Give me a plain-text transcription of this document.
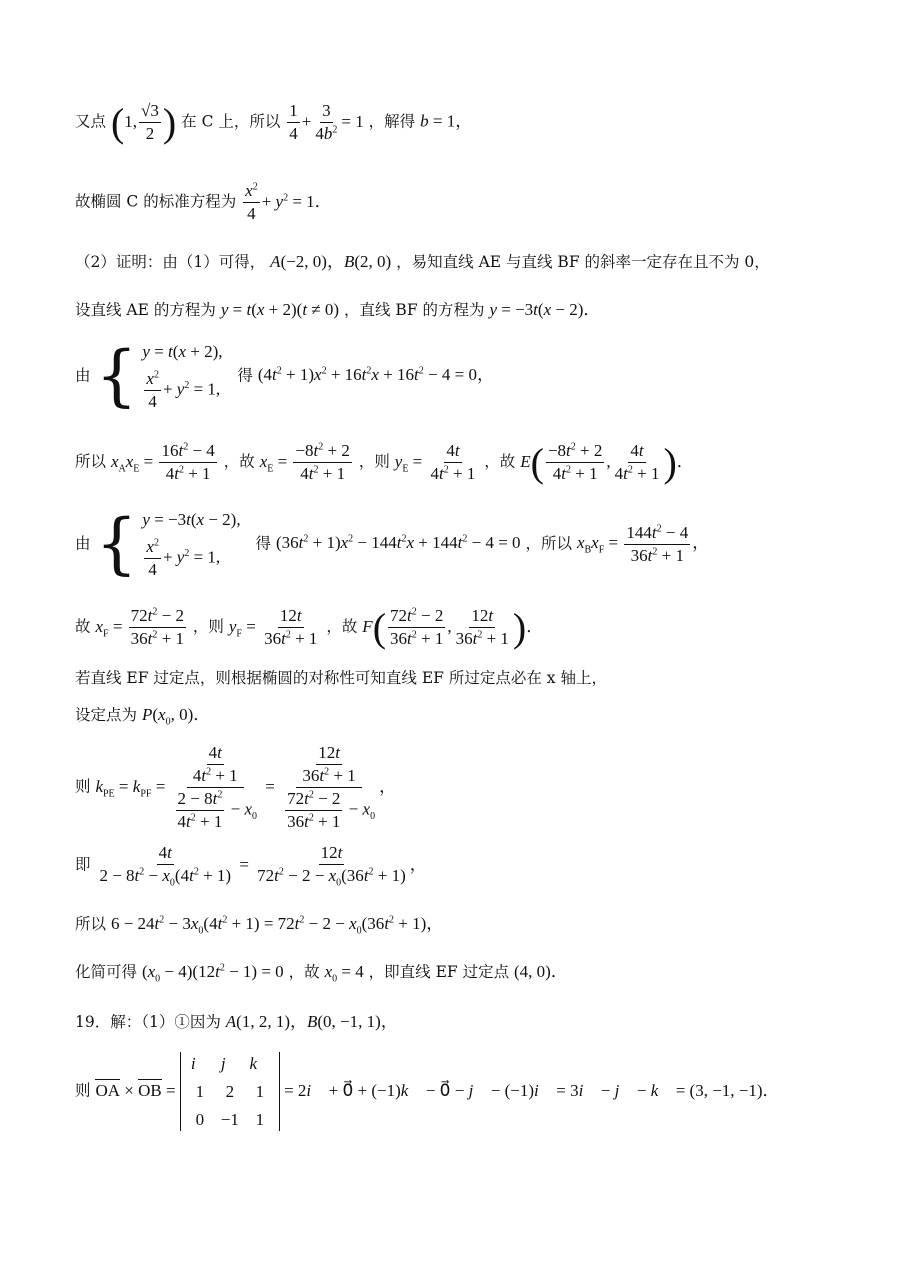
又点 (1, $\frac{√3}{2}$ ) 在 C 上，所以 $\frac{1}{4} + \frac{3}{4b^2} = 1$ ，解得 b = 1，
故椭圆 C 的标准方程为 $\frac{x^2}{4} + y^2 = 1$．
（2）证明：由（1）可得， A(−2, 0)，B(2, 0) ，易知直线 AE 与直线 BF 的斜率一定存在且不为 0，
设直线 AE 的方程为 y = t(x + 2)(t ≠ 0) ，直线 BF 的方程为 y = −3t(x − 2)．
由 { y = t(x + 2),
$\frac{x^2}{4} + y^2 = 1$,
得 $(4t^2 + 1)x^2 + 16t^2x + 16t^2 - 4 = 0$，
所以 $x_Ax_E = \frac{16t^2 - 4}{4t^2 + 1}$ ，故 $x_E = \frac{-8t^2 + 2}{4t^2 + 1}$ ，则 $y_E = \frac{4t}{4t^2 + 1}$ ，故 $E( \frac{-8t^2 + 2}{4t^2 + 1}$ , $\frac{4t}{4t^2 + 1}$ )．
由 { y = −3t(x − 2),
$\frac{x^2}{4} + y^2 = 1$,
得 $(36t^2 + 1)x^2 - 144t^2x + 144t^2 - 4 = 0$ ，所以 $x_Bx_F = \frac{144t^2 - 4}{36t^2 + 1}$ ，
故 $x_F = \frac{72t^2 - 2}{36t^2 + 1}$ ，则 $y_F = \frac{12t}{36t^2 + 1}$ ，故 $F( \frac{72t^2 - 2}{36t^2 + 1}$ , $\frac{12t}{36t^2 + 1}$ )．
若直线 EF 过定点，则根据椭圆的对称性可知直线 EF 所过定点必在 x 轴上，
设定点为 $P(x_0$, 0)．
则 $k_{PE} = k_{PF} = \frac{\frac{4t}{4t^2 + 1}}{\frac{2 - 8t^2}{4t^2 + 1} - x_0} = \frac{\frac{12t}{36t^2 + 1}}{\frac{72t^2 - 2}{36t^2 + 1} - x_0}$ ，
即 $\frac{4t}{2 - 8t^2 - x_0(4t^2 + 1)} = \frac{12t}{72t^2 - 2 - x_0(36t^2 + 1)}$ ，
所以 $6 - 24t^2 - 3x_0(4t^2 + 1) = 72t^2 - 2 - x_0(36t^2 + 1)$，
化简可得 $(x_0 - 4)(12t^2 - 1) = 0$ ，故 $x_0 = 4$ ，即直线 EF 过定点 (4, 0)．
19．解：（1）①因为 A(1, 2, 1)，B(0, −1, 1)，
则 OA × OB =
i⃗ j⃗ k⃗
1	2	1
0 −1 1
= 2i⃗ + 0⃗ + (−1)k⃗ − 0⃗ − j⃗ − (−1)i⃗ = 3i⃗ − j⃗ − k⃗ = (3, −1, −1)．
